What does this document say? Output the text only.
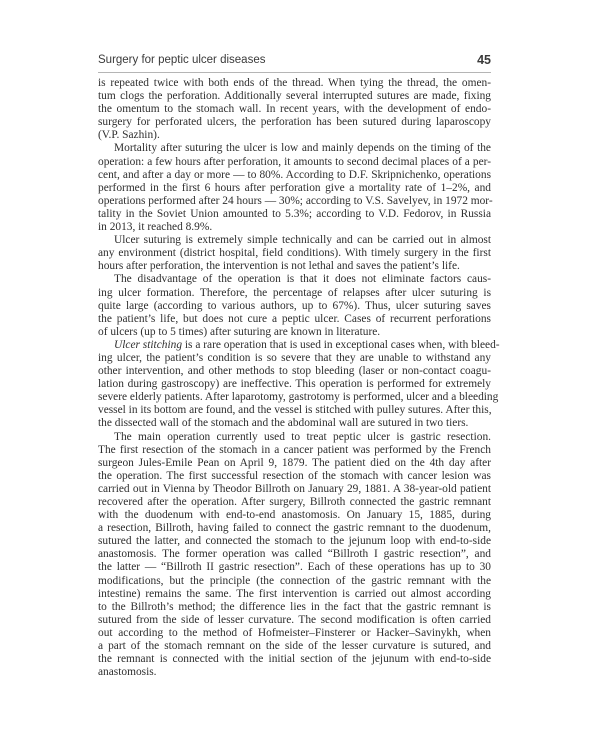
Surgery for peptic ulcer diseases	45
is repeated twice with both ends of the thread. When tying the thread, the omen-
tum clogs the perforation. Additionally several interrupted sutures are made, fixing
the omentum to the stomach wall. In recent years, with the development of endo-
surgery for perforated ulcers, the perforation has been sutured during laparoscopy
(V.P. Sazhin).
Mortality after suturing the ulcer is low and mainly depends on the timing of the
operation: a few hours after perforation, it amounts to second decimal places of a per-
cent, and after a day or more — to 80%. According to D.F. Skripnichenko, operations
performed in the first 6 hours after perforation give a mortality rate of 1–2%, and
operations performed after 24 hours — 30%; according to V.S. Savelyev, in 1972 mor-
tality in the Soviet Union amounted to 5.3%; according to V.D. Fedorov, in Russia
in 2013, it reached 8.9%.
Ulcer suturing is extremely simple technically and can be carried out in almost
any environment (district hospital, field conditions). With timely surgery in the first
hours after perforation, the intervention is not lethal and saves the patient’s life.
The disadvantage of the operation is that it does not eliminate factors caus-
ing ulcer formation. Therefore, the percentage of relapses after ulcer suturing is
quite large (according to various authors, up to 67%). Thus, ulcer suturing saves
the patient’s life, but does not cure a peptic ulcer. Cases of recurrent perforations
of ulcers (up to 5 times) after suturing are known in literature.
Ulcer stitching is a rare operation that is used in exceptional cases when, with bleed-
ing ulcer, the patient’s condition is so severe that they are unable to withstand any
other intervention, and other methods to stop bleeding (laser or non-contact coagu-
lation during gastroscopy) are ineffective. This operation is performed for extremely
severe elderly patients. After laparotomy, gastrotomy is performed, ulcer and a bleeding
vessel in its bottom are found, and the vessel is stitched with pulley sutures. After this,
the dissected wall of the stomach and the abdominal wall are sutured in two tiers.
The main operation currently used to treat peptic ulcer is gastric resection.
The first resection of the stomach in a cancer patient was performed by the French
surgeon Jules-Emile Pean on April 9, 1879. The patient died on the 4th day after
the operation. The first successful resection of the stomach with cancer lesion was
carried out in Vienna by Theodor Billroth on January 29, 1881. A 38-year-old patient
recovered after the operation. After surgery, Billroth connected the gastric remnant
with the duodenum with end-to-end anastomosis. On January 15, 1885, during
a resection, Billroth, having failed to connect the gastric remnant to the duodenum,
sutured the latter, and connected the stomach to the jejunum loop with end-to-side
anastomosis. The former operation was called “Billroth I gastric resection”, and
the latter — “Billroth II gastric resection”. Each of these operations has up to 30
modifications, but the principle (the connection of the gastric remnant with the
intestine) remains the same. The first intervention is carried out almost according
to the Billroth’s method; the difference lies in the fact that the gastric remnant is
sutured from the side of lesser curvature. The second modification is often carried
out according to the method of Hofmeister–Finsterer or Hacker–Savinykh, when
a part of the stomach remnant on the side of the lesser curvature is sutured, and
the remnant is connected with the initial section of the jejunum with end-to-side
anastomosis.
